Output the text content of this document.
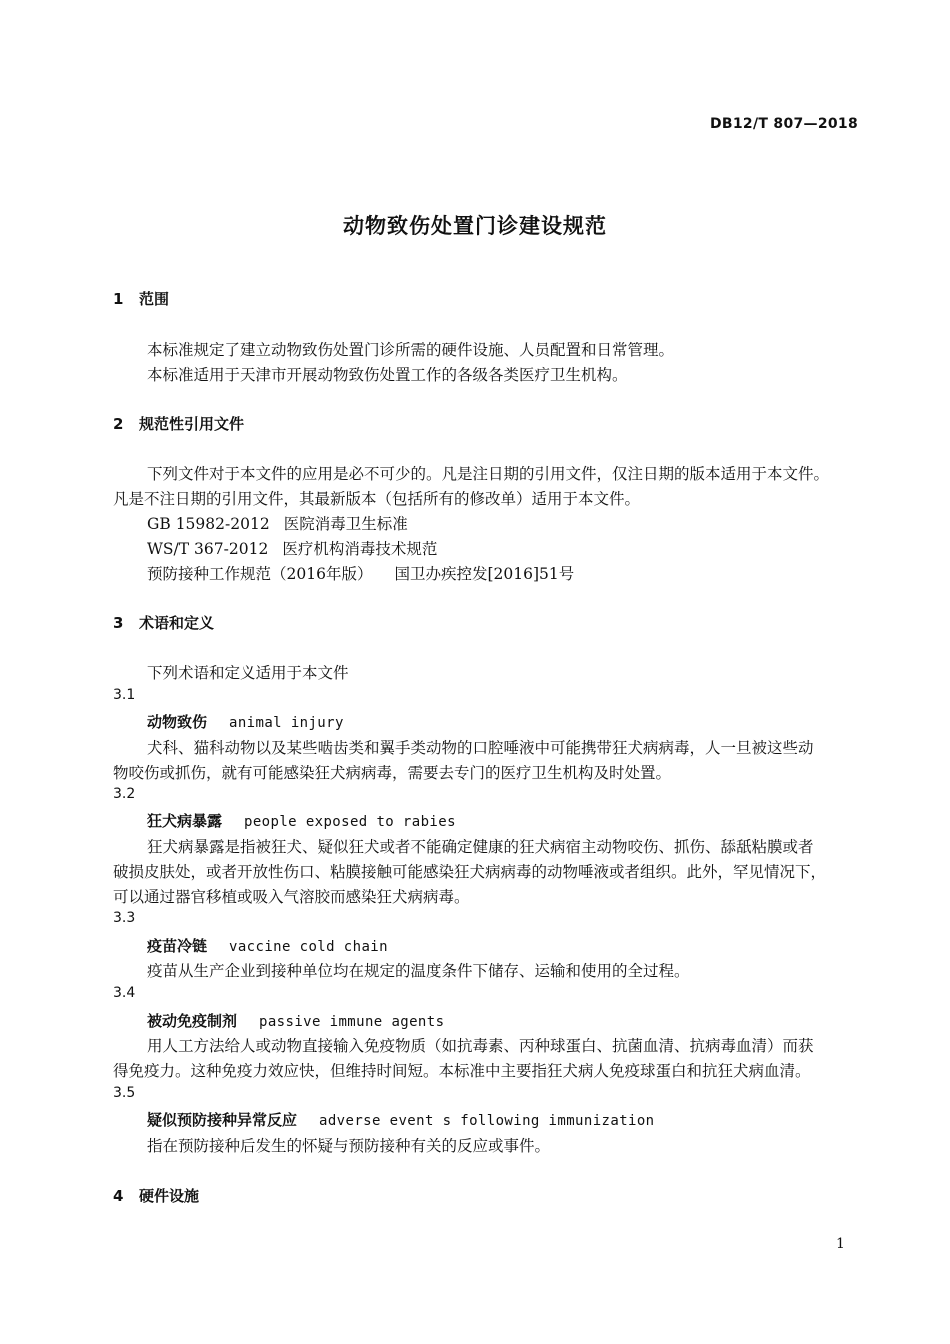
DB12/T 807—2018
动物致伤处置门诊建设规范
1 范围
本标准规定了建立动物致伤处置门诊所需的硬件设施、人员配置和日常管理。
本标准适用于天津市开展动物致伤处置工作的各级各类医疗卫生机构。
2 规范性引用文件
下列文件对于本文件的应用是必不可少的。凡是注日期的引用文件，仅注日期的版本适用于本文件。
凡是不注日期的引用文件，其最新版本（包括所有的修改单）适用于本文件。
GB 15982-2012 医院消毒卫生标准
WS/T 367-2012 医疗机构消毒技术规范
预防接种工作规范（2016年版） 国卫办疾控发[2016]51号
3 术语和定义
下列术语和定义适用于本文件
3.1
动物致伤 animal injury
犬科、猫科动物以及某些啮齿类和翼手类动物的口腔唾液中可能携带狂犬病病毒，人一旦被这些动
物咬伤或抓伤，就有可能感染狂犬病病毒，需要去专门的医疗卫生机构及时处置。
3.2
狂犬病暴露 people exposed to rabies
狂犬病暴露是指被狂犬、疑似狂犬或者不能确定健康的狂犬病宿主动物咬伤、抓伤、舔舐粘膜或者
破损皮肤处，或者开放性伤口、粘膜接触可能感染狂犬病病毒的动物唾液或者组织。此外，罕见情况下，
可以通过器官移植或吸入气溶胶而感染狂犬病病毒。
3.3
疫苗冷链 vaccine cold chain
疫苗从生产企业到接种单位均在规定的温度条件下储存、运输和使用的全过程。
3.4
被动免疫制剂 passive immune agents
用人工方法给人或动物直接输入免疫物质（如抗毒素、丙种球蛋白、抗菌血清、抗病毒血清）而获
得免疫力。这种免疫力效应快，但维持时间短。本标准中主要指狂犬病人免疫球蛋白和抗狂犬病血清。
3.5
疑似预防接种异常反应 adverse event s following immunization
指在预防接种后发生的怀疑与预防接种有关的反应或事件。
4 硬件设施
1
